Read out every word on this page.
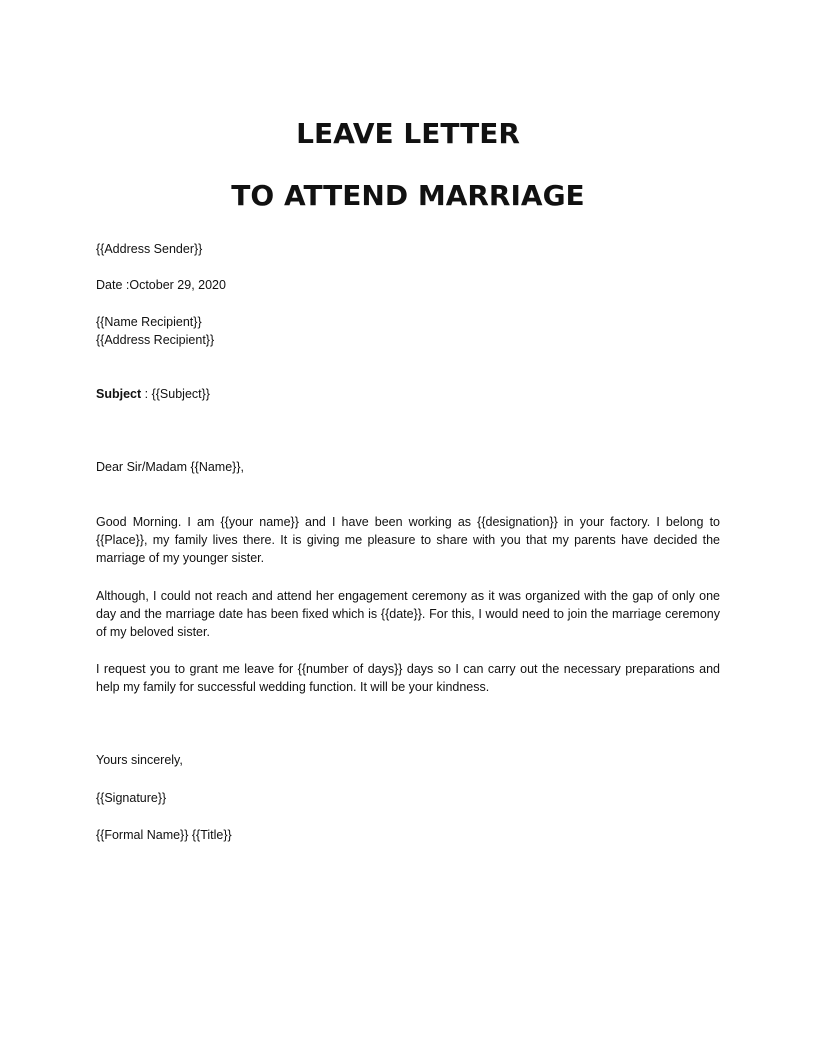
LEAVE LETTER
TO ATTEND MARRIAGE
{{Address Sender}}
Date :October 29, 2020
{{Name Recipient}}
{{Address Recipient}}
Subject : {{Subject}}
Dear Sir/Madam {{Name}},

Good Morning. I am {{your name}} and I have been working as {{designation}} in your factory. I belong to {{Place}}, my family lives there. It is giving me pleasure to share with you that my parents have decided the marriage of my younger sister.

Although, I could not reach and attend her engagement ceremony as it was organized with the gap of only one day and the marriage date has been fixed which is {{date}}. For this, I would need to join the marriage ceremony of my beloved sister.

I request you to grant me leave for {{number of days}} days so I can carry out the necessary preparations and help my family for successful wedding function. It will be your kindness.

Yours sincerely,
{{Signature}}
{{Formal Name}} {{Title}}
